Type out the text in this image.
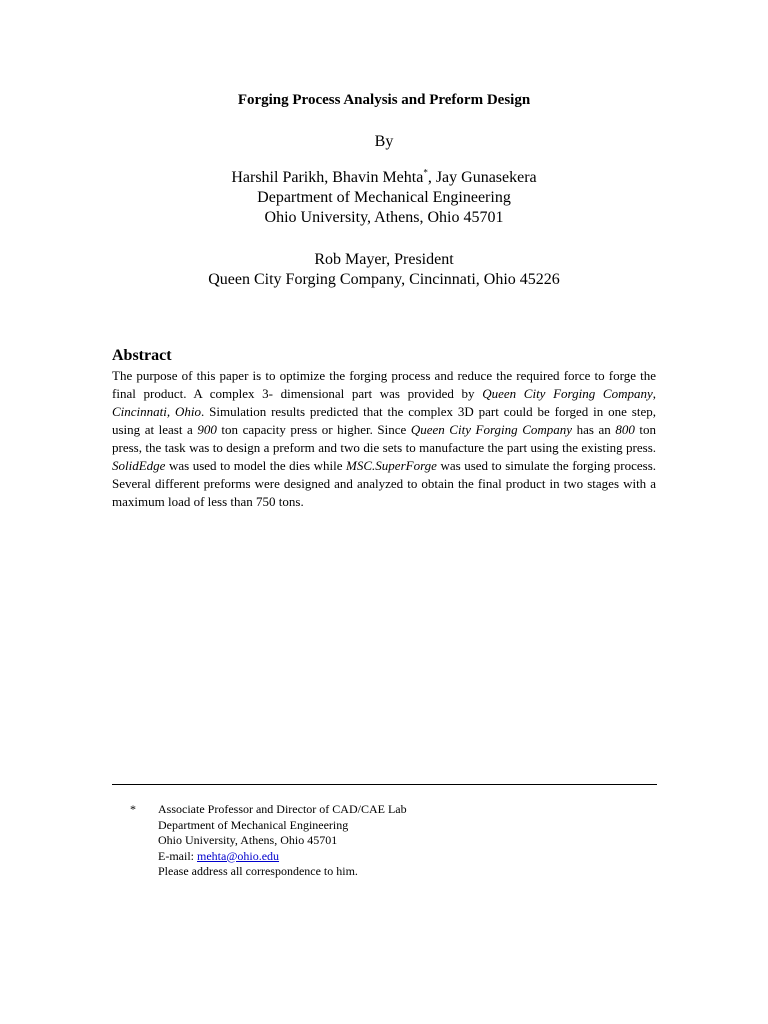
Forging Process Analysis and Preform Design
By
Harshil Parikh, Bhavin Mehta*, Jay Gunasekera
Department of Mechanical Engineering
Ohio University, Athens, Ohio 45701
Rob Mayer, President
Queen City Forging Company, Cincinnati, Ohio 45226
Abstract

The purpose of this paper is to optimize the forging process and reduce the required force to forge the final product. A complex 3- dimensional part was provided by Queen City Forging Company, Cincinnati, Ohio. Simulation results predicted that the complex 3D part could be forged in one step, using at least a 900 ton capacity press or higher. Since Queen City Forging Company has an 800 ton press, the task was to design a preform and two die sets to manufacture the part using the existing press. SolidEdge was used to model the dies while MSC.SuperForge was used to simulate the forging process. Several different preforms were designed and analyzed to obtain the final product in two stages with a maximum load of less than 750 tons.

* Associate Professor and Director of CAD/CAE Lab
Department of Mechanical Engineering
Ohio University, Athens, Ohio 45701
E-mail: mehta@ohio.edu
Please address all correspondence to him.
